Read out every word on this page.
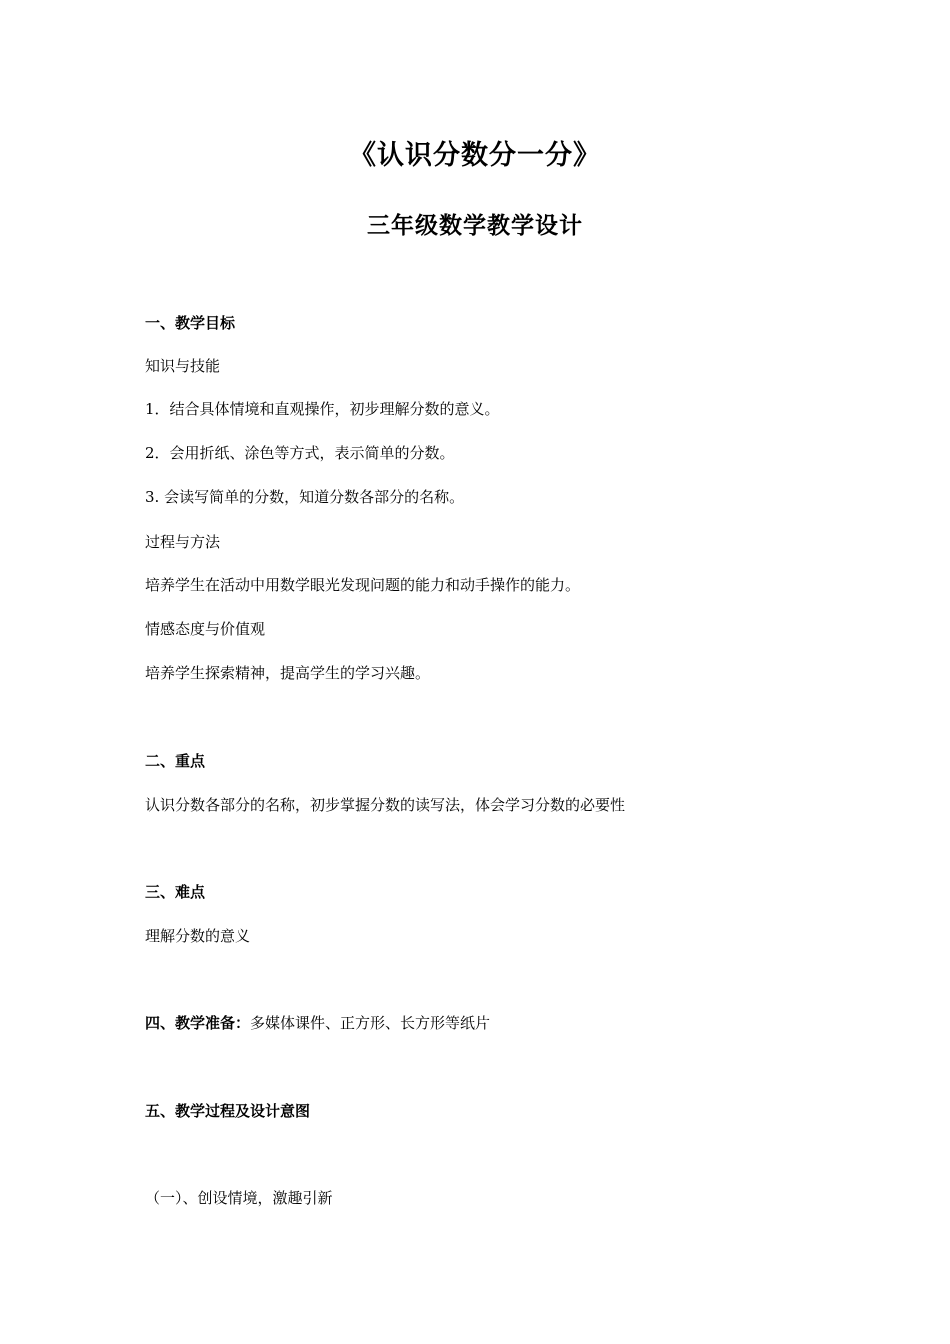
《认识分数分一分》
三年级数学教学设计
一、教学目标
知识与技能
1．结合具体情境和直观操作，初步理解分数的意义。
2．会用折纸、涂色等方式，表示简单的分数。
3. 会读写简单的分数，知道分数各部分的名称。
过程与方法
培养学生在活动中用数学眼光发现问题的能力和动手操作的能力。
情感态度与价值观
培养学生探索精神，提高学生的学习兴趣。
二、重点
认识分数各部分的名称，初步掌握分数的读写法，体会学习分数的必要性
三、难点
理解分数的意义
四、教学准备：多媒体课件、正方形、长方形等纸片
五、教学过程及设计意图
（一）、创设情境，激趣引新
